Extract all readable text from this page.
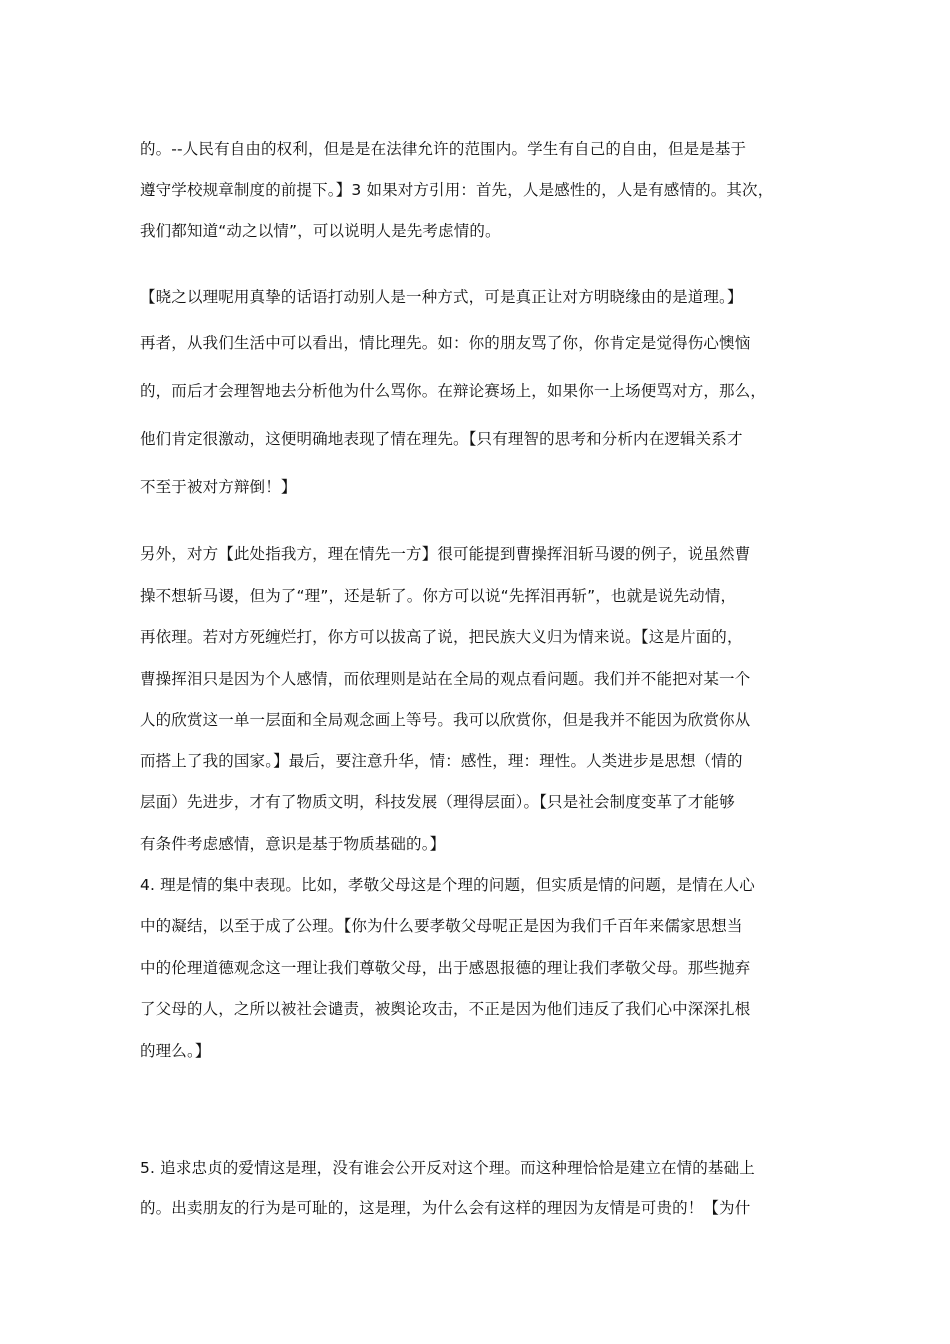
的。--人民有自由的权利，但是是在法律允许的范围内。学生有自己的自由，但是是基于

遵守学校规章制度的前提下。】3 如果对方引用：首先，人是感性的，人是有感情的。其次，

我们都知道“动之以情”，可以说明人是先考虑情的。

【晓之以理呢用真挚的话语打动别人是一种方式，可是真正让对方明晓缘由的是道理。】

再者，从我们生活中可以看出，情比理先。如：你的朋友骂了你，你肯定是觉得伤心懊恼

的，而后才会理智地去分析他为什么骂你。在辩论赛场上，如果你一上场便骂对方，那么，

他们肯定很激动，这便明确地表现了情在理先。【只有理智的思考和分析内在逻辑关系才

不至于被对方辩倒！】

另外，对方【此处指我方，理在情先一方】很可能提到曹操挥泪斩马谡的例子，说虽然曹

操不想斩马谡，但为了“理”，还是斩了。你方可以说“先挥泪再斩”，也就是说先动情，

再依理。若对方死缠烂打，你方可以拔高了说，把民族大义归为情来说。【这是片面的，

曹操挥泪只是因为个人感情，而依理则是站在全局的观点看问题。我们并不能把对某一个

人的欣赏这一单一层面和全局观念画上等号。我可以欣赏你，但是我并不能因为欣赏你从

而搭上了我的国家。】最后，要注意升华，情：感性，理：理性。人类进步是思想（情的

层面）先进步，才有了物质文明，科技发展（理得层面）。【只是社会制度变革了才能够

有条件考虑感情，意识是基于物质基础的。】

4. 理是情的集中表现。比如，孝敬父母这是个理的问题，但实质是情的问题，是情在人心

中的凝结，以至于成了公理。【你为什么要孝敬父母呢正是因为我们千百年来儒家思想当

中的伦理道德观念这一理让我们尊敬父母，出于感恩报德的理让我们孝敬父母。那些抛弃

了父母的人，之所以被社会谴责，被舆论攻击，不正是因为他们违反了我们心中深深扎根

的理么。】

5. 追求忠贞的爱情这是理，没有谁会公开反对这个理。而这种理恰恰是建立在情的基础上

的。出卖朋友的行为是可耻的，这是理，为什么会有这样的理因为友情是可贵的！【为什
